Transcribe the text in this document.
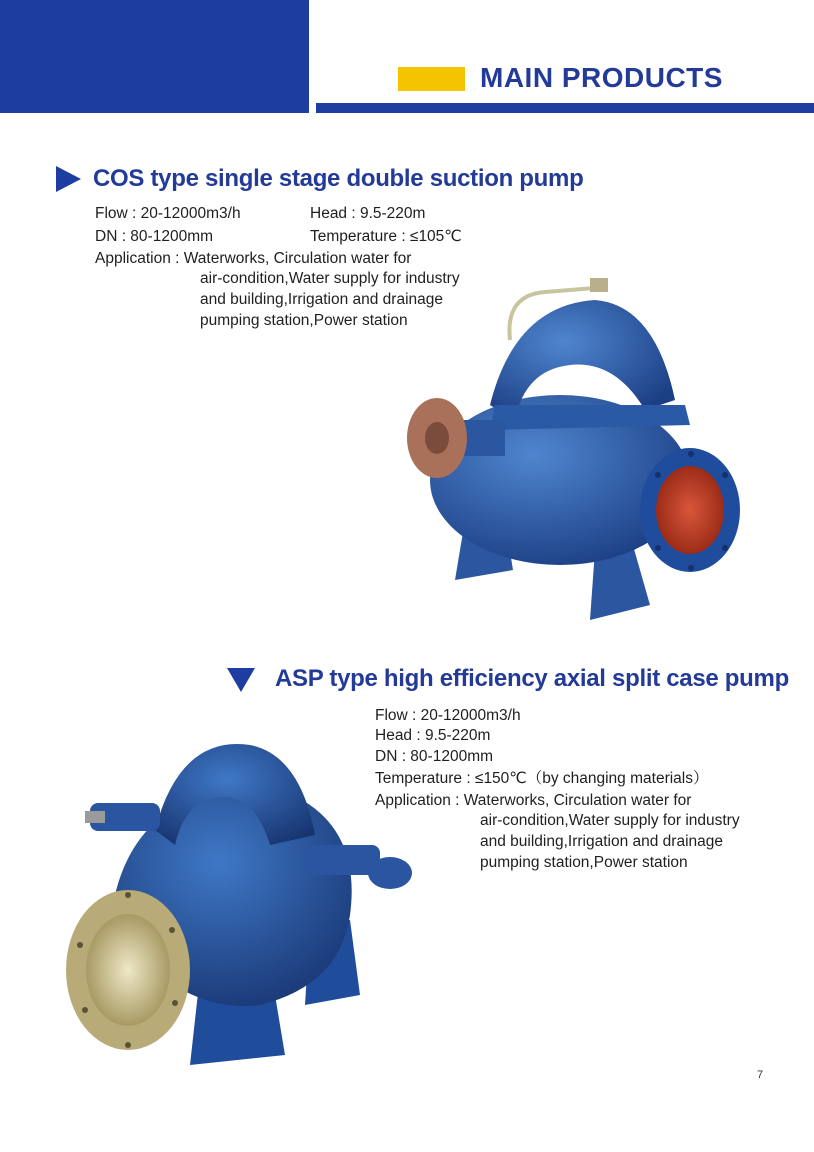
MAIN PRODUCTS
COS type single stage double suction pump
Flow : 20-12000m3/h	Head : 9.5-220m
DN : 80-1200mm	Temperature : ≤105℃
Application : Waterworks, Circulation water for
air-condition,Water supply for industry
and building,Irrigation and drainage
pumping station,Power station
ASP type high efficiency axial split case pump
Flow : 20-12000m3/h
Head : 9.5-220m
DN : 80-1200mm
Temperature : ≤150℃（by changing materials）
Application : Waterworks, Circulation water for
air-condition,Water supply for industry
and building,Irrigation and drainage
pumping station,Power station
7
